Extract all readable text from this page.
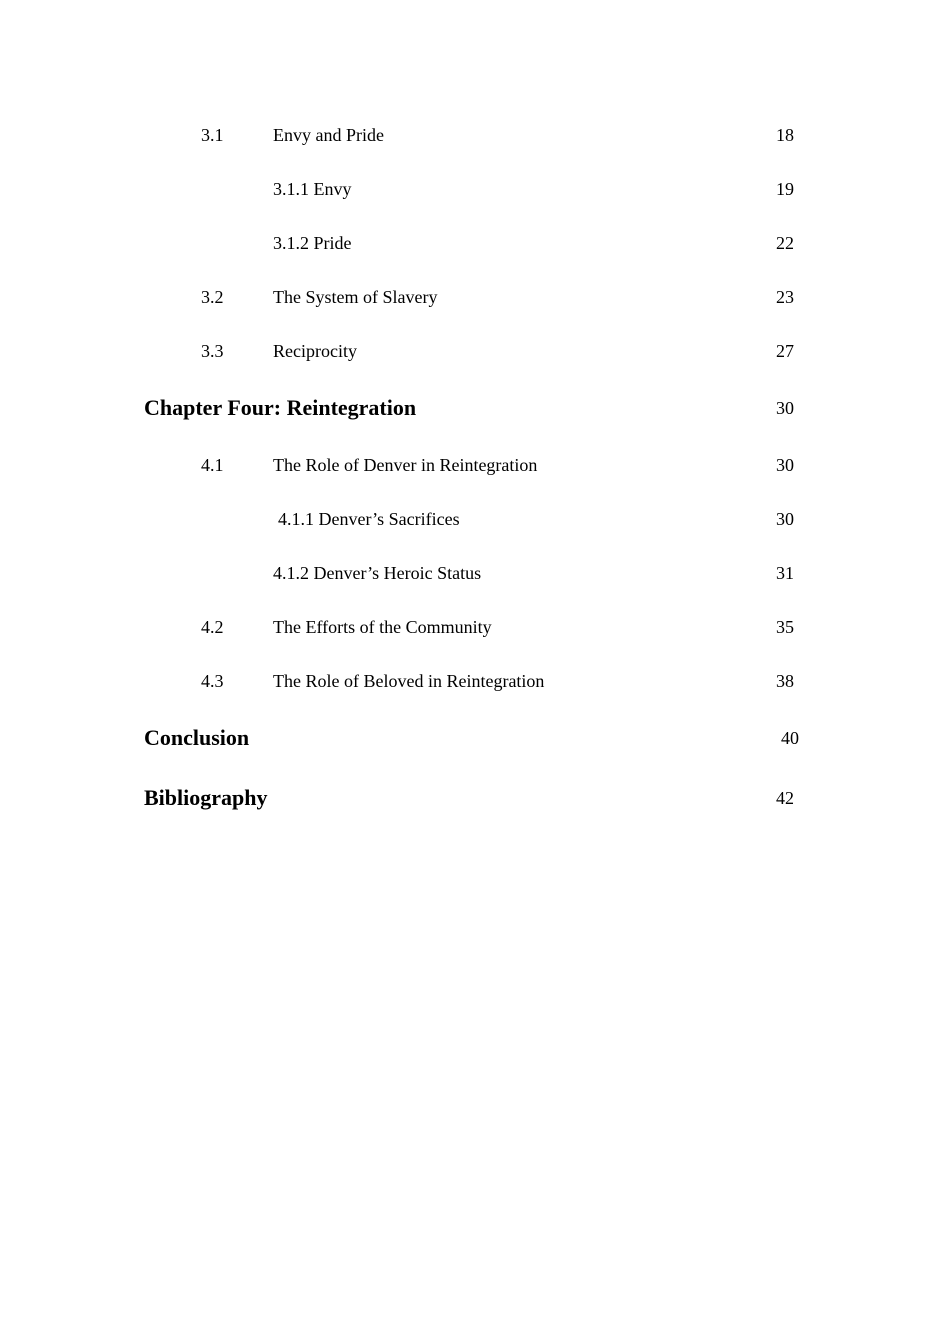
3.1	Envy and Pride	18
3.1.1 Envy	19
3.1.2 Pride	22
3.2	The System of Slavery	23
3.3	Reciprocity	27
Chapter Four: Reintegration	30
4.1	The Role of Denver in Reintegration	30
4.1.1 Denver’s Sacrifices	30
4.1.2 Denver’s Heroic Status	31
4.2	The Efforts of the Community	35
4.3	The Role of Beloved in Reintegration	38
Conclusion	40
Bibliography	42
